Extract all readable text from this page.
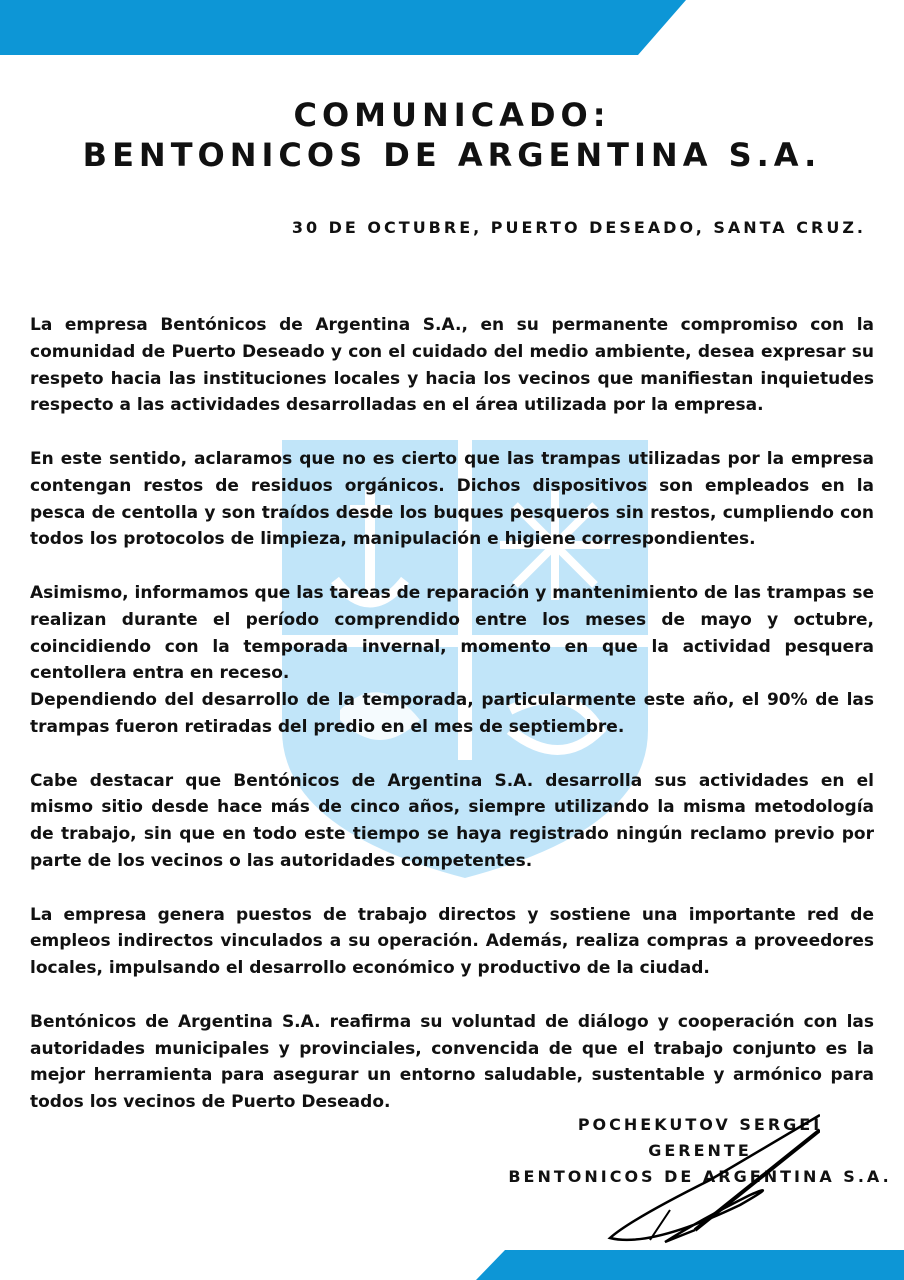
COMUNICADO:
BENTONICOS DE ARGENTINA S.A.

30 DE OCTUBRE, PUERTO DESEADO, SANTA CRUZ.

La empresa Bentónicos de Argentina S.A., en su permanente compromiso con la comunidad de Puerto Deseado y con el cuidado del medio ambiente, desea expresar su respeto hacia las instituciones locales y hacia los vecinos que manifiestan inquietudes respecto a las actividades desarrolladas en el área utilizada por la empresa.

En este sentido, aclaramos que no es cierto que las trampas utilizadas por la empresa contengan restos de residuos orgánicos. Dichos dispositivos son empleados en la pesca de centolla y son traídos desde los buques pesqueros sin restos, cumpliendo con todos los protocolos de limpieza, manipulación e higiene correspondientes.

Asimismo, informamos que las tareas de reparación y mantenimiento de las trampas se realizan durante el período comprendido entre los meses de mayo y octubre, coincidiendo con la temporada invernal, momento en que la actividad pesquera centollera entra en receso.

Dependiendo del desarrollo de la temporada, particularmente este año, el 90% de las trampas fueron retiradas del predio en el mes de septiembre.

Cabe destacar que Bentónicos de Argentina S.A. desarrolla sus actividades en el mismo sitio desde hace más de cinco años, siempre utilizando la misma metodología de trabajo, sin que en todo este tiempo se haya registrado ningún reclamo previo por parte de los vecinos o las autoridades competentes.

La empresa genera puestos de trabajo directos y sostiene una importante red de empleos indirectos vinculados a su operación. Además, realiza compras a proveedores locales, impulsando el desarrollo económico y productivo de la ciudad.

Bentónicos de Argentina S.A. reafirma su voluntad de diálogo y cooperación con las autoridades municipales y provinciales, convencida de que el trabajo conjunto es la mejor herramienta para asegurar un entorno saludable, sustentable y armónico para todos los vecinos de Puerto Deseado.

POCHEKUTOV SERGEI
GERENTE
BENTONICOS DE ARGENTINA S.A.
